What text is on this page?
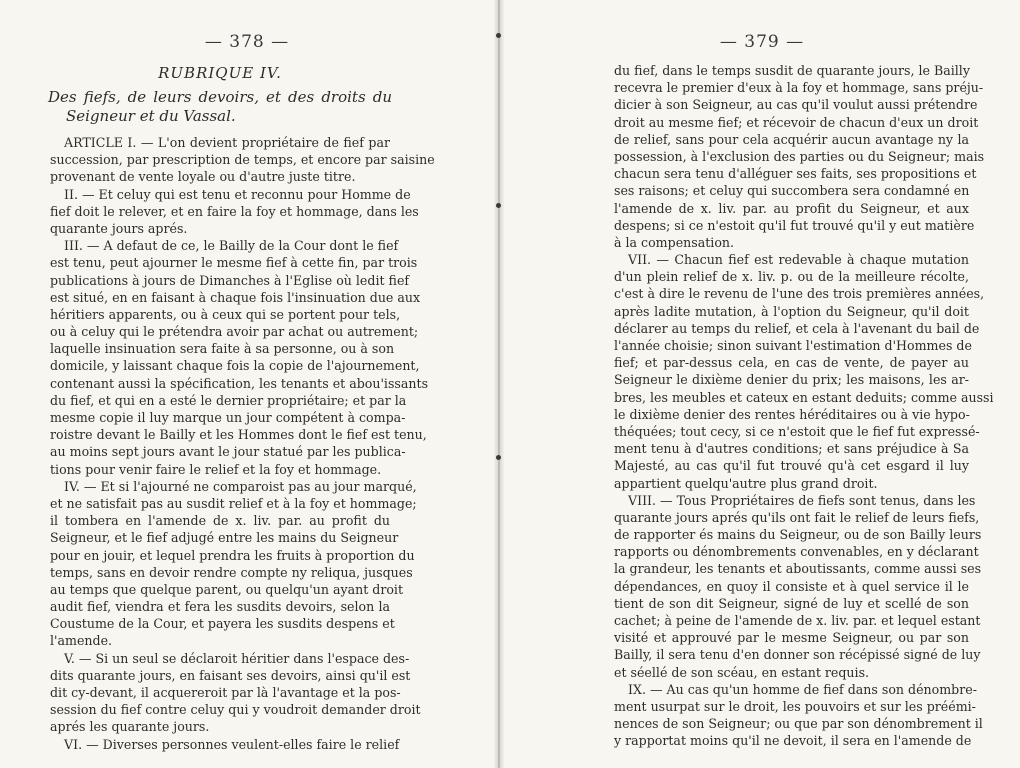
— 378 —
RUBRIQUE IV.
Des fiefs, de leurs devoirs, et des droits du
Seigneur et du Vassal.
ARTICLE I. — L'on devient propriétaire de fief par
succession, par prescription de temps, et encore par saisine
provenant de vente loyale ou d'autre juste titre.
II. — Et celuy qui est tenu et reconnu pour Homme de
fief doit le relever, et en faire la foy et hommage, dans les
quarante jours aprés.
III. — A defaut de ce, le Bailly de la Cour dont le fief
est tenu, peut ajourner le mesme fief à cette fin, par trois
publications à jours de Dimanches à l'Eglise où ledit fief
est situé, en en faisant à chaque fois l'insinuation due aux
héritiers apparents, ou à ceux qui se portent pour tels,
ou à celuy qui le prétendra avoir par achat ou autrement;
laquelle insinuation sera faite à sa personne, ou à son
domicile, y laissant chaque fois la copie de l'ajournement,
contenant aussi la spécification, les tenants et abou'issants
du fief, et qui en a esté le dernier propriétaire; et par la
mesme copie il luy marque un jour compétent à compa-
roistre devant le Bailly et les Hommes dont le fief est tenu,
au moins sept jours avant le jour statué par les publica-
tions pour venir faire le relief et la foy et hommage.
IV. — Et si l'ajourné ne comparoist pas au jour marqué,
et ne satisfait pas au susdit relief et à la foy et hommage;
il tombera en l'amende de x. liv. par. au profit du
Seigneur, et le fief adjugé entre les mains du Seigneur
pour en jouir, et lequel prendra les fruits à proportion du
temps, sans en devoir rendre compte ny reliqua, jusques
au temps que quelque parent, ou quelqu'un ayant droit
audit fief, viendra et fera les susdits devoirs, selon la
Coustume de la Cour, et payera les susdits despens et
l'amende.
V. — Si un seul se déclaroit héritier dans l'espace des-
dits quarante jours, en faisant ses devoirs, ainsi qu'il est
dit cy-devant, il acquereroit par là l'avantage et la pos-
session du fief contre celuy qui y voudroit demander droit
aprés les quarante jours.
VI. — Diverses personnes veulent-elles faire le relief
— 379 —
du fief, dans le temps susdit de quarante jours, le Bailly
recevra le premier d'eux à la foy et hommage, sans préju-
dicier à son Seigneur, au cas qu'il voulut aussi prétendre
droit au mesme fief; et récevoir de chacun d'eux un droit
de relief, sans pour cela acquérir aucun avantage ny la
possession, à l'exclusion des parties ou du Seigneur; mais
chacun sera tenu d'alléguer ses faits, ses propositions et
ses raisons; et celuy qui succombera sera condamné en
l'amende de x. liv. par. au profit du Seigneur, et aux
despens; si ce n'estoit qu'il fut trouvé qu'il y eut matière
à la compensation.
VII. — Chacun fief est redevable à chaque mutation
d'un plein relief de x. liv. p. ou de la meilleure récolte,
c'est à dire le revenu de l'une des trois premières années,
après ladite mutation, à l'option du Seigneur, qu'il doit
déclarer au temps du relief, et cela à l'avenant du bail de
l'année choisie; sinon suivant l'estimation d'Hommes de
fief; et par-dessus cela, en cas de vente, de payer au
Seigneur le dixième denier du prix; les maisons, les ar-
bres, les meubles et cateux en estant deduits; comme aussi
le dixième denier des rentes héréditaires ou à vie hypo-
théquées; tout cecy, si ce n'estoit que le fief fut expressé-
ment tenu à d'autres conditions; et sans préjudice à Sa
Majesté, au cas qu'il fut trouvé qu'à cet esgard il luy
appartient quelqu'autre plus grand droit.
VIII. — Tous Propriétaires de fiefs sont tenus, dans les
quarante jours aprés qu'ils ont fait le relief de leurs fiefs,
de rapporter és mains du Seigneur, ou de son Bailly leurs
rapports ou dénombrements convenables, en y déclarant
la grandeur, les tenants et aboutissants, comme aussi ses
dépendances, en quoy il consiste et à quel service il le
tient de son dit Seigneur, signé de luy et scellé de son
cachet; à peine de l'amende de x. liv. par. et lequel estant
visité et approuvé par le mesme Seigneur, ou par son
Bailly, il sera tenu d'en donner son récépissé signé de luy
et séellé de son scéau, en estant requis.
IX. — Au cas qu'un homme de fief dans son dénombre-
ment usurpat sur le droit, les pouvoirs et sur les préémi-
nences de son Seigneur; ou que par son dénombrement il
y rapportat moins qu'il ne devoit, il sera en l'amende de
